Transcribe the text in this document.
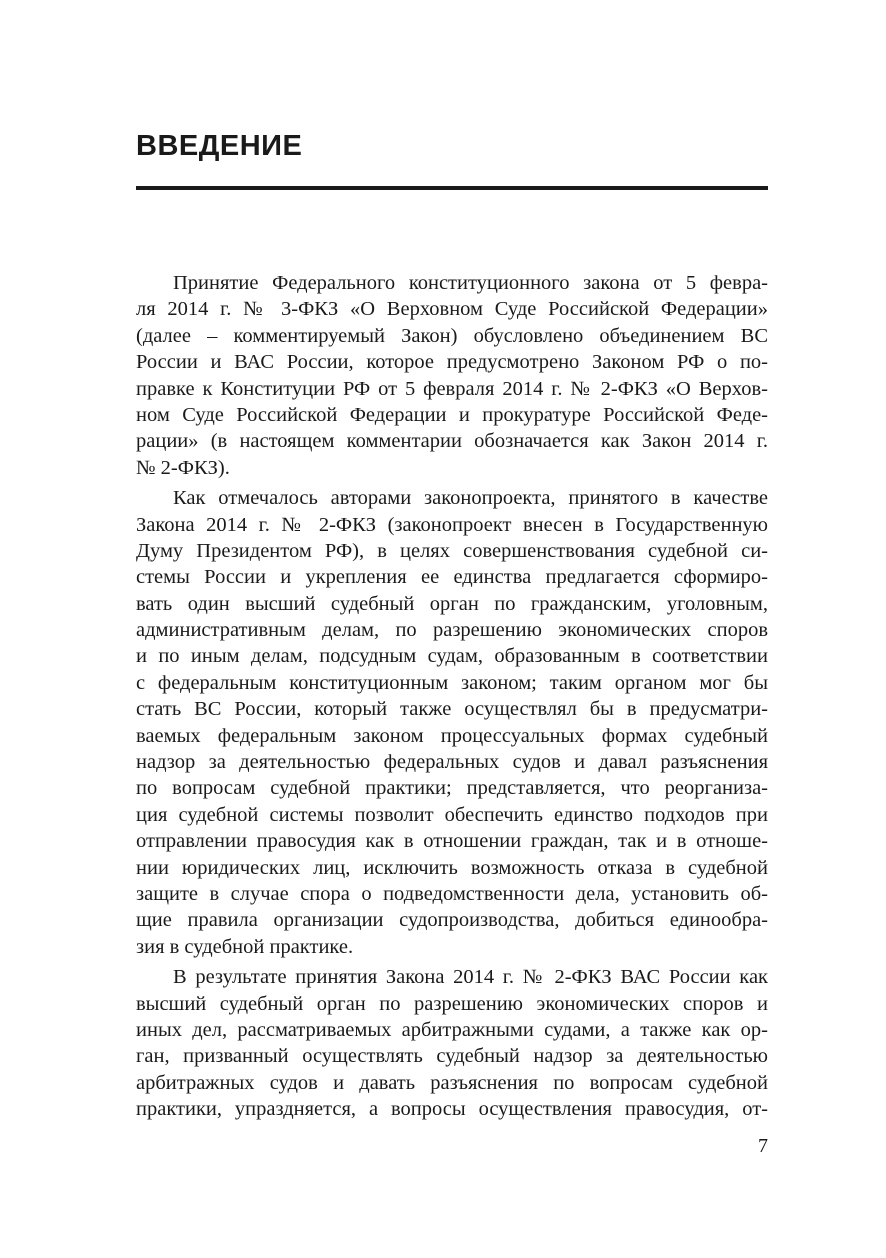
ВВЕДЕНИЕ
Принятие Федерального конституционного закона от 5 февра-
ля 2014 г. № 3-ФКЗ «О Верховном Суде Российской Федерации»
(далее – комментируемый Закон) обусловлено объединением ВС
России и ВАС России, которое предусмотрено Законом РФ о по-
правке к Конституции РФ от 5 февраля 2014 г. № 2-ФКЗ «О Верхов-
ном Суде Российской Федерации и прокуратуре Российской Феде-
рации» (в настоящем комментарии обозначается как Закон 2014 г.
№ 2-ФКЗ).
Как отмечалось авторами законопроекта, принятого в качестве
Закона 2014 г. № 2-ФКЗ (законопроект внесен в Государственную
Думу Президентом РФ), в целях совершенствования судебной си-
стемы России и укрепления ее единства предлагается сформиро-
вать один высший судебный орган по гражданским, уголовным,
административным делам, по разрешению экономических споров
и по иным делам, подсудным судам, образованным в соответствии
с федеральным конституционным законом; таким органом мог бы
стать ВС России, который также осуществлял бы в предусматри-
ваемых федеральным законом процессуальных формах судебный
надзор за деятельностью федеральных судов и давал разъяснения
по вопросам судебной практики; представляется, что реорганиза-
ция судебной системы позволит обеспечить единство подходов при
отправлении правосудия как в отношении граждан, так и в отноше-
нии юридических лиц, исключить возможность отказа в судебной
защите в случае спора о подведомственности дела, установить об-
щие правила организации судопроизводства, добиться единообра-
зия в судебной практике.
В результате принятия Закона 2014 г. № 2-ФКЗ ВАС России как
высший судебный орган по разрешению экономических споров и
иных дел, рассматриваемых арбитражными судами, а также как ор-
ган, призванный осуществлять судебный надзор за деятельностью
арбитражных судов и давать разъяснения по вопросам судебной
практики, упраздняется, а вопросы осуществления правосудия, от-
7
